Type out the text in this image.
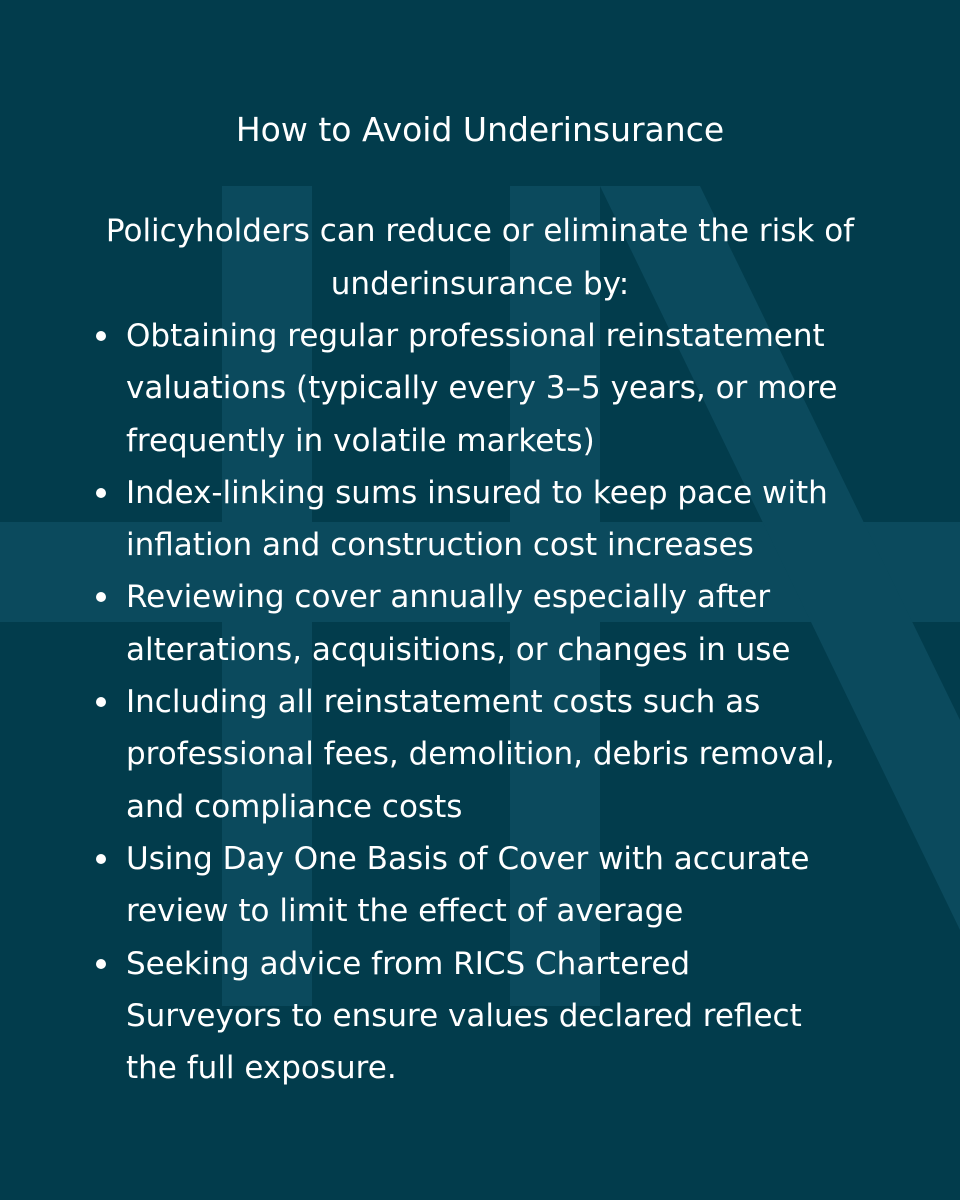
How to Avoid Underinsurance

Policyholders can reduce or eliminate the risk of
underinsurance by:

Obtaining regular professional reinstatement
valuations (typically every 3–5 years, or more
frequently in volatile markets)
Index-linking sums insured to keep pace with
inflation and construction cost increases
Reviewing cover annually especially after
alterations, acquisitions, or changes in use
Including all reinstatement costs such as
professional fees, demolition, debris removal,
and compliance costs
Using Day One Basis of Cover with accurate
review to limit the effect of average
Seeking advice from RICS Chartered
Surveyors to ensure values declared reflect
the full exposure.
